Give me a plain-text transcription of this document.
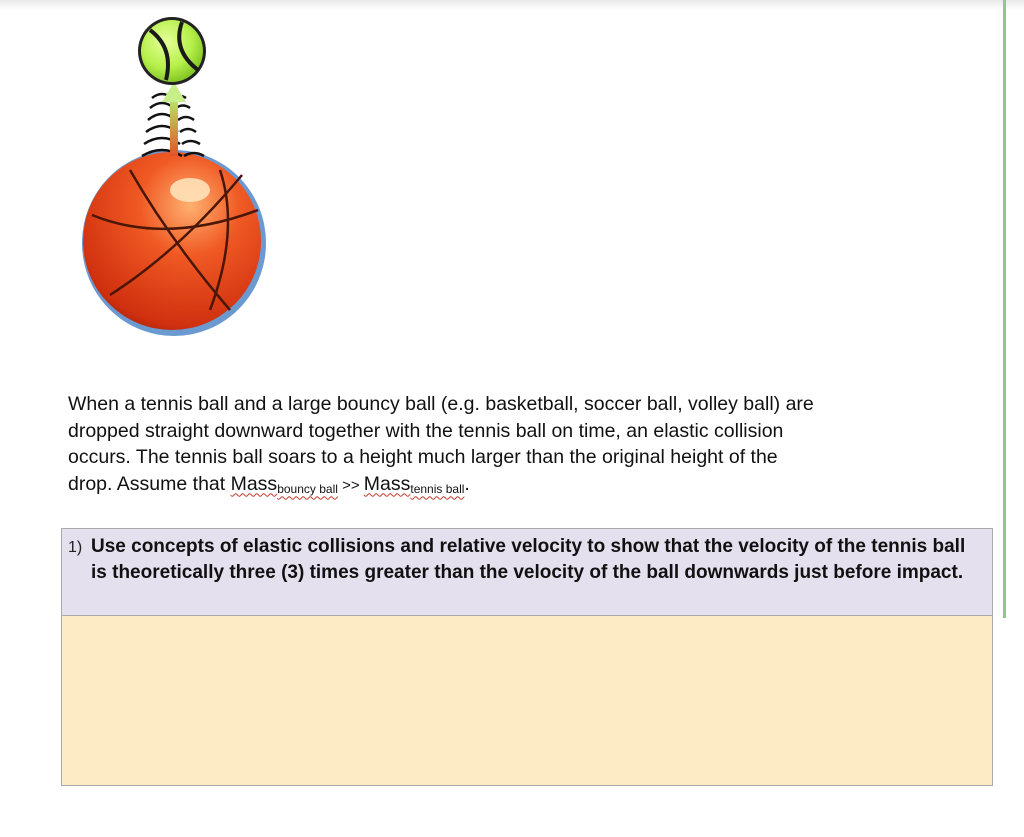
When a tennis ball and a large bouncy ball (e.g. basketball, soccer ball, volley ball) are
dropped straight downward together with the tennis ball on time, an elastic collision
occurs. The tennis ball soars to a height much larger than the original height of the
drop. Assume that Massbouncy ball >> Masstennis ball.
1) Use concepts of elastic collisions and relative velocity to show that the velocity of the tennis ball is theoretically three (3) times greater than the velocity of the ball downwards just before impact.
